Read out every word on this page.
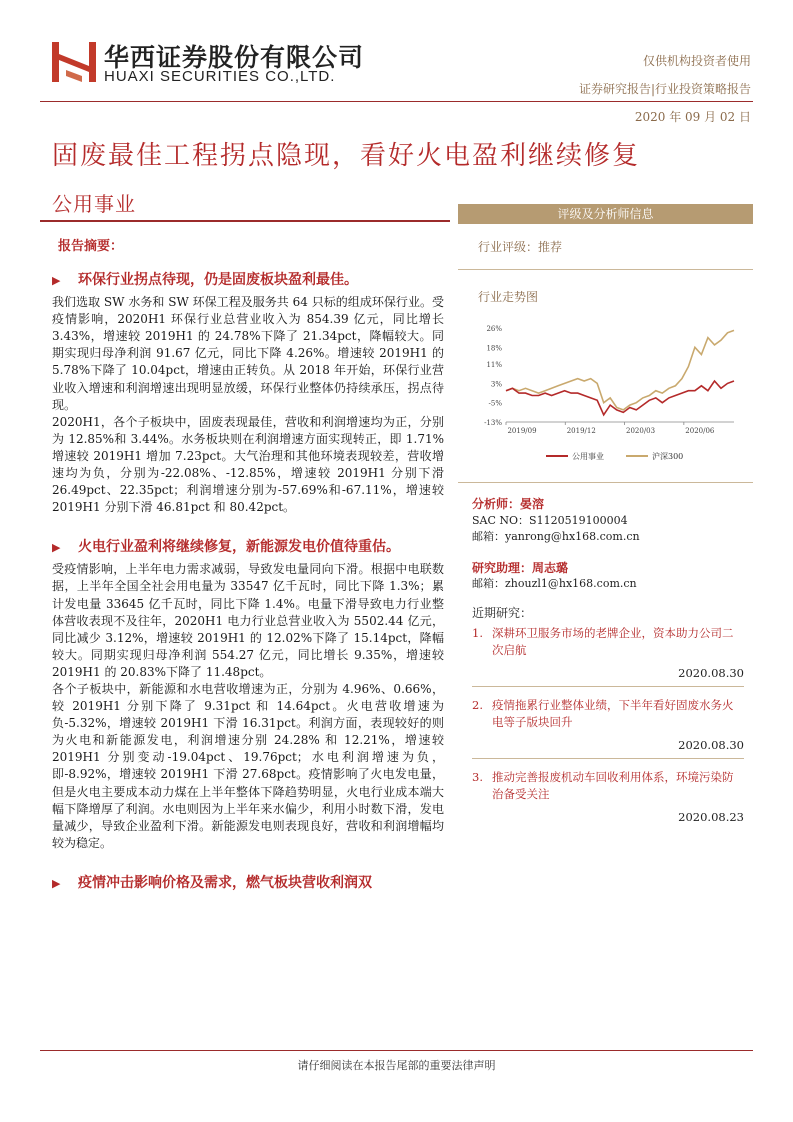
华西证券股份有限公司
HUAXI SECURITIES CO.,LTD.
仅供机构投资者使用
证券研究报告|行业投资策略报告
2020 年 09 月 02 日
固废最佳工程拐点隐现，看好火电盈利继续修复
公用事业

报告摘要：

▶ 环保行业拐点待现，仍是固废板块盈利最佳。

我们选取 SW 水务和 SW 环保工程及服务共 64 只标的组成环保行业。受疫情影响，2020H1 环保行业总营业收入为 854.39 亿元，同比增长 3.43%，增速较 2019H1 的 24.78%下降了 21.34pct，降幅较大。同期实现归母净利润 91.67 亿元，同比下降 4.26%。增速较 2019H1 的 5.78%下降了 10.04pct，增速由正转负。从 2018 年开始，环保行业营业收入增速和利润增速出现明显放缓，环保行业整体仍持续承压，拐点待现。

2020H1，各个子板块中，固废表现最佳，营收和利润增速均为正，分别为 12.85%和 3.44%。水务板块则在利润增速方面实现转正，即 1.71%增速较 2019H1 增加 7.23pct。大气治理和其他环境表现较差，营收增速均为负，分别为-22.08%、-12.85%，增速较 2019H1 分别下滑 26.49pct、22.35pct；利润增速分别为-57.69%和-67.11%，增速较 2019H1 分别下滑 46.81pct 和 80.42pct。

▶ 火电行业盈利将继续修复，新能源发电价值待重估。

受疫情影响，上半年电力需求减弱，导致发电量同向下滑。根据中电联数据，上半年全国全社会用电量为 33547 亿千瓦时，同比下降 1.3%；累计发电量 33645 亿千瓦时，同比下降 1.4%。电量下滑导致电力行业整体营收表现不及往年，2020H1 电力行业总营业收入为 5502.44 亿元，同比减少 3.12%，增速较 2019H1 的 12.02%下降了 15.14pct，降幅较大。同期实现归母净利润 554.27 亿元，同比增长 9.35%，增速较 2019H1 的 20.83%下降了 11.48pct。

各个子板块中，新能源和水电营收增速为正，分别为 4.96%、0.66%，较 2019H1 分别下降了 9.31pct 和 14.64pct。火电营收增速为负-5.32%，增速较 2019H1 下滑 16.31pct。利润方面，表现较好的则为火电和新能源发电，利润增速分别 24.28% 和 12.21%，增速较 2019H1 分别变动-19.04pct、19.76pct；水电利润增速为负，即-8.92%，增速较 2019H1 下滑 27.68pct。疫情影响了火电发电量，但是火电主要成本动力煤在上半年整体下降趋势明显，火电行业成本端大幅下降增厚了利润。水电则因为上半年来水偏少，利用小时数下滑，发电量减少，导致企业盈利下滑。新能源发电则表现良好，营收和利润增幅均较为稳定。

▶ 疫情冲击影响价格及需求，燃气板块营收利润双

评级及分析师信息
行业评级：推荐
行业走势图
26%
18%
11%
3%
-5%
-13%
2019/09	2019/12	2020/03	2020/06
公用事业	沪深300
分析师：晏溶
SAC NO：S1120519100004
邮箱：yanrong@hx168.com.cn
研究助理：周志璐
邮箱：zhouzl1@hx168.com.cn
近期研究：
1. 深耕环卫服务市场的老牌企业，资本助力公司二次启航
2020.08.30
2. 疫情拖累行业整体业绩，下半年看好固废水务火电等子版块回升
2020.08.30
3. 推动完善报废机动车回收利用体系，环境污染防治备受关注
2020.08.23
请仔细阅读在本报告尾部的重要法律声明
